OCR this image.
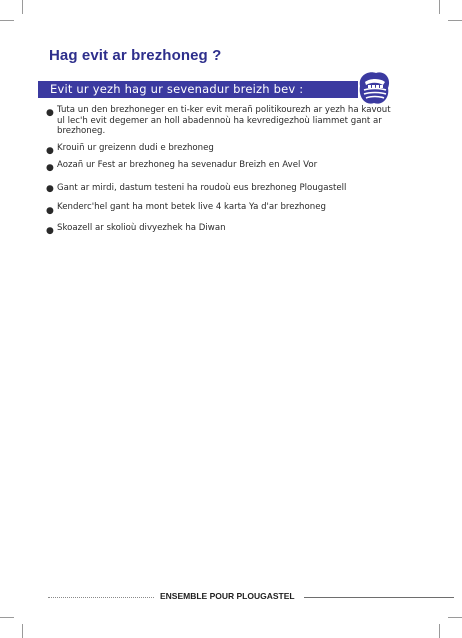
Hag evit ar brezhoneg ?
Evit ur yezh hag ur sevenadur breizh bev :
● Tuta un den brezhoneger en ti-ker evit merañ politikourezh ar yezh ha kavout ul lec'h evit degemer an holl abadennoù ha kevredigezhoù liammet gant ar brezhoneg.
● Krouiñ ur greizenn dudi e brezhoneg
● Aozañ ur Fest ar brezhoneg ha sevenadur Breizh en Avel Vor
● Gant ar mirdi, dastum testeni ha roudoù eus brezhoneg Plougastell
● Kenderc'hel gant ha mont betek live 4 karta Ya d'ar brezhoneg
● Skoazell ar skolioù divyezhek ha Diwan
ENSEMBLE POUR PLOUGASTEL
